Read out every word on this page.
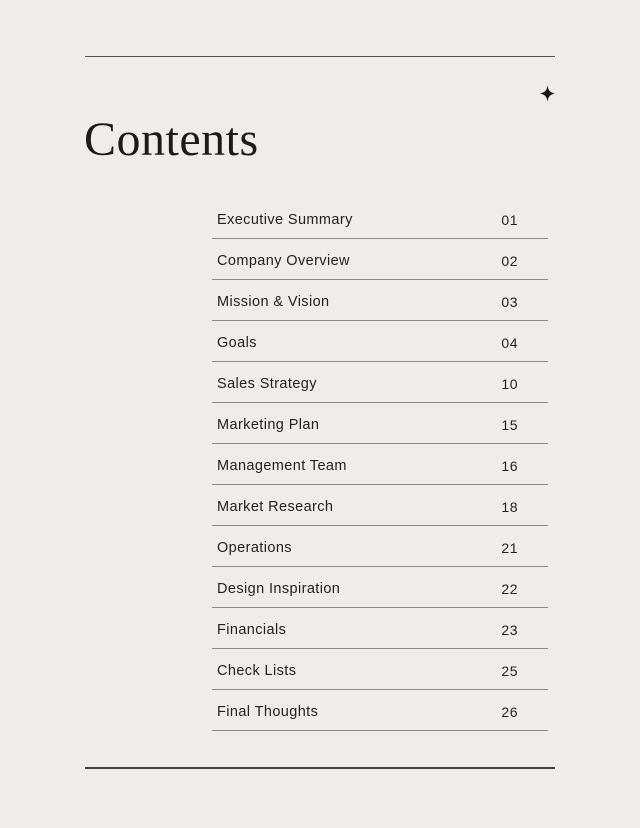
Contents
Executive Summary	01
Company Overview	02
Mission & Vision	03
Goals	04
Sales Strategy	10
Marketing Plan	15
Management Team	16
Market Research	18
Operations	21
Design Inspiration	22
Financials	23
Check Lists	25
Final Thoughts	26
